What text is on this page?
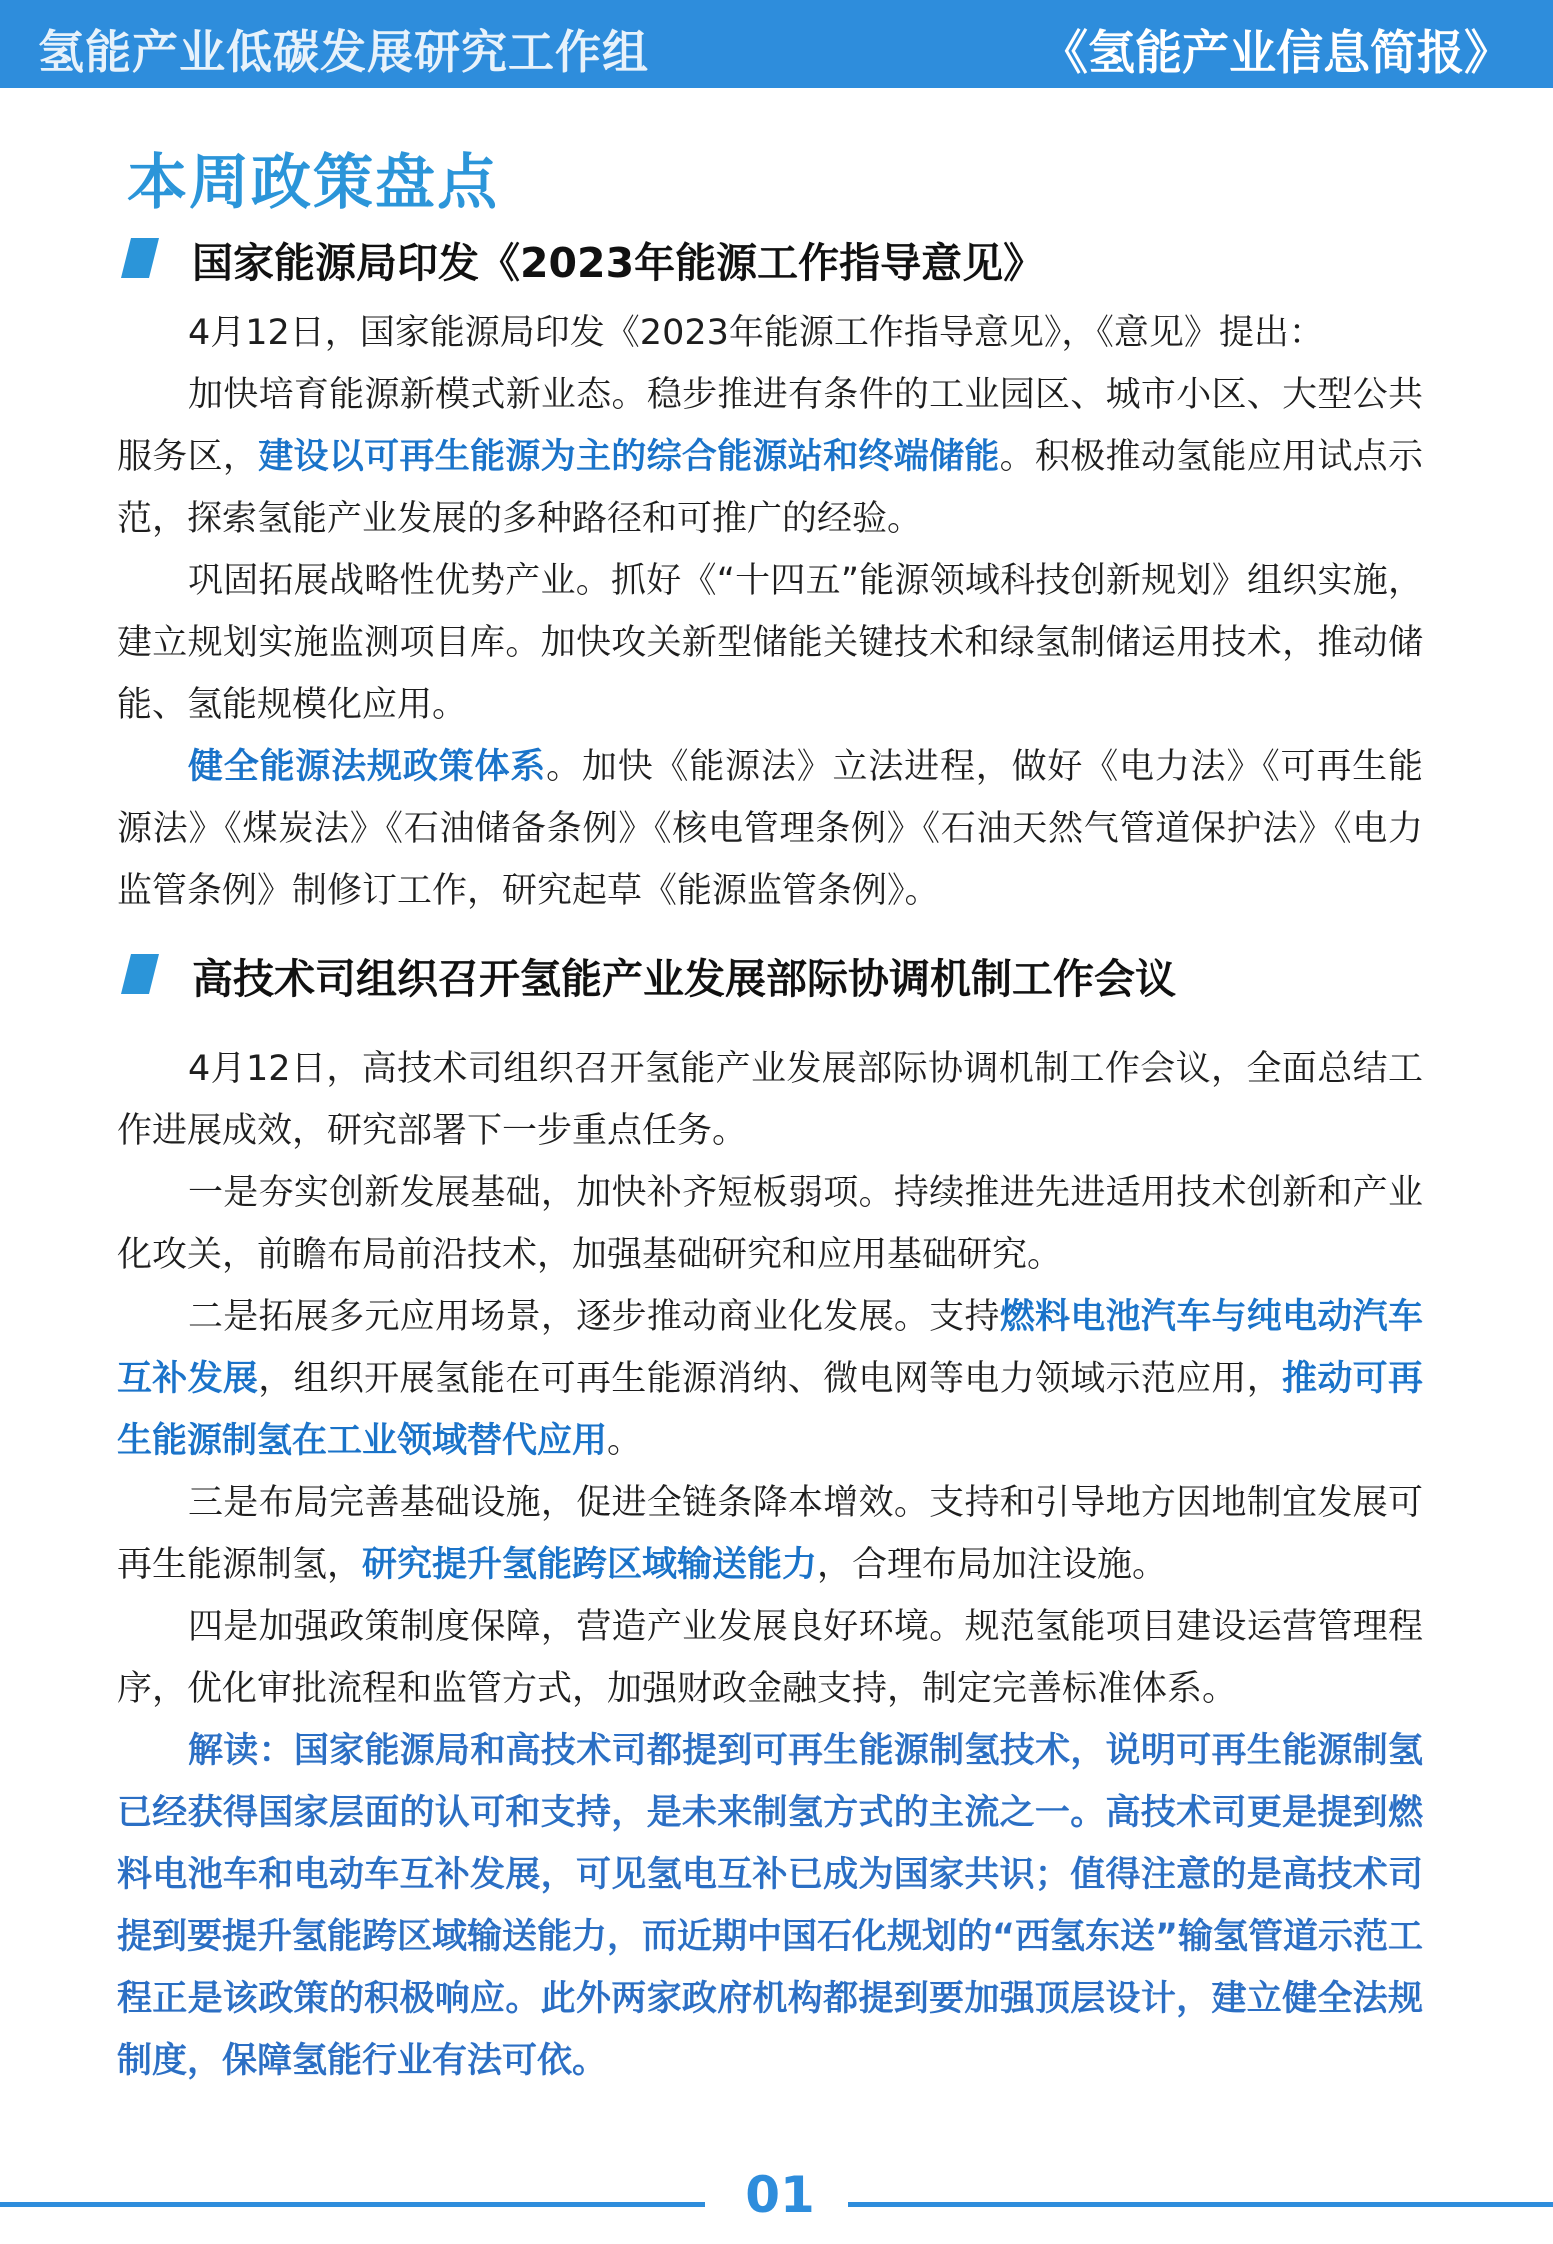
氢能产业低碳发展研究工作组	《氢能产业信息简报》
本周政策盘点
国家能源局印发《2023年能源工作指导意见》

4月12日，国家能源局印发《2023年能源工作指导意见》，《意见》提出：

加快培育能源新模式新业态。稳步推进有条件的工业园区、城市小区、大型公共服务区，建设以可再生能源为主的综合能源站和终端储能。积极推动氢能应用试点示范，探索氢能产业发展的多种路径和可推广的经验。

巩固拓展战略性优势产业。抓好《“十四五”能源领域科技创新规划》组织实施，建立规划实施监测项目库。加快攻关新型储能关键技术和绿氢制储运用技术，推动储能、氢能规模化应用。

健全能源法规政策体系。加快《能源法》立法进程，做好《电力法》《可再生能源法》《煤炭法》《石油储备条例》《核电管理条例》《石油天然气管道保护法》《电力监管条例》制修订工作，研究起草《能源监管条例》。

高技术司组织召开氢能产业发展部际协调机制工作会议

4月12日，高技术司组织召开氢能产业发展部际协调机制工作会议，全面总结工作进展成效，研究部署下一步重点任务。

一是夯实创新发展基础，加快补齐短板弱项。持续推进先进适用技术创新和产业化攻关，前瞻布局前沿技术，加强基础研究和应用基础研究。

二是拓展多元应用场景，逐步推动商业化发展。支持燃料电池汽车与纯电动汽车互补发展，组织开展氢能在可再生能源消纳、微电网等电力领域示范应用，推动可再生能源制氢在工业领域替代应用。

三是布局完善基础设施，促进全链条降本增效。支持和引导地方因地制宜发展可再生能源制氢，研究提升氢能跨区域输送能力，合理布局加注设施。

四是加强政策制度保障，营造产业发展良好环境。规范氢能项目建设运营管理程序，优化审批流程和监管方式，加强财政金融支持，制定完善标准体系。

解读：国家能源局和高技术司都提到可再生能源制氢技术，说明可再生能源制氢已经获得国家层面的认可和支持，是未来制氢方式的主流之一。高技术司更是提到燃料电池车和电动车互补发展，可见氢电互补已成为国家共识；值得注意的是高技术司提到要提升氢能跨区域输送能力，而近期中国石化规划的“西氢东送”输氢管道示范工程正是该政策的积极响应。此外两家政府机构都提到要加强顶层设计，建立健全法规制度，保障氢能行业有法可依。

01
